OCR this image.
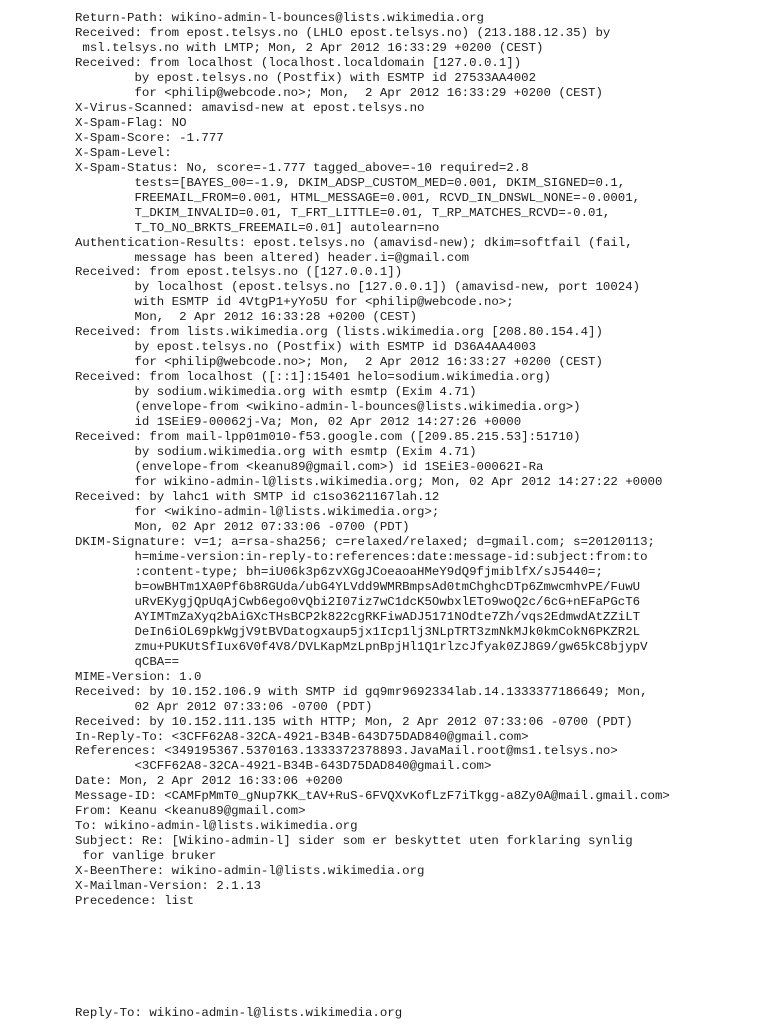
Return-Path: wikino-admin-l-bounces@lists.wikimedia.org
Received: from epost.telsys.no (LHLO epost.telsys.no) (213.188.12.35) by
msl.telsys.no with LMTP; Mon, 2 Apr 2012 16:33:29 +0200 (CEST)
Received: from localhost (localhost.localdomain [127.0.0.1])
by epost.telsys.no (Postfix) with ESMTP id 27533AA4002
for <philip@webcode.no>; Mon,  2 Apr 2012 16:33:29 +0200 (CEST)
X-Virus-Scanned: amavisd-new at epost.telsys.no
X-Spam-Flag: NO
X-Spam-Score: -1.777
X-Spam-Level:
X-Spam-Status: No, score=-1.777 tagged_above=-10 required=2.8
tests=[BAYES_00=-1.9, DKIM_ADSP_CUSTOM_MED=0.001, DKIM_SIGNED=0.1,
FREEMAIL_FROM=0.001, HTML_MESSAGE=0.001, RCVD_IN_DNSWL_NONE=-0.0001,
T_DKIM_INVALID=0.01, T_FRT_LITTLE=0.01, T_RP_MATCHES_RCVD=-0.01,
T_TO_NO_BRKTS_FREEMAIL=0.01] autolearn=no
Authentication-Results: epost.telsys.no (amavisd-new); dkim=softfail (fail,
message has been altered) header.i=@gmail.com
Received: from epost.telsys.no ([127.0.0.1])
by localhost (epost.telsys.no [127.0.0.1]) (amavisd-new, port 10024)
with ESMTP id 4VtgP1+yYo5U for <philip@webcode.no>;
Mon,  2 Apr 2012 16:33:28 +0200 (CEST)
Received: from lists.wikimedia.org (lists.wikimedia.org [208.80.154.4])
by epost.telsys.no (Postfix) with ESMTP id D36A4AA4003
for <philip@webcode.no>; Mon,  2 Apr 2012 16:33:27 +0200 (CEST)
Received: from localhost ([::1]:15401 helo=sodium.wikimedia.org)
by sodium.wikimedia.org with esmtp (Exim 4.71)
(envelope-from <wikino-admin-l-bounces@lists.wikimedia.org>)
id 1SEiE9-00062j-Va; Mon, 02 Apr 2012 14:27:26 +0000
Received: from mail-lpp01m010-f53.google.com ([209.85.215.53]:51710)
by sodium.wikimedia.org with esmtp (Exim 4.71)
(envelope-from <keanu89@gmail.com>) id 1SEiE3-00062I-Ra
for wikino-admin-l@lists.wikimedia.org; Mon, 02 Apr 2012 14:27:22 +0000
Received: by lahc1 with SMTP id c1so3621167lah.12
for <wikino-admin-l@lists.wikimedia.org>;
Mon, 02 Apr 2012 07:33:06 -0700 (PDT)
DKIM-Signature: v=1; a=rsa-sha256; c=relaxed/relaxed; d=gmail.com; s=20120113;
h=mime-version:in-reply-to:references:date:message-id:subject:from:to
:content-type; bh=iU06k3p6zvXGgJCoeaoaHMeY9dQ9fjmiblfX/sJ5440=;
b=owBHTm1XA0Pf6b8RGUda/ubG4YLVdd9WMRBmpsAd0tmChghcDTp6ZmwcmhvPE/FuwU
uRvEKygjQpUqAjCwb6ego0vQbi2I07iz7wC1dcK5OwbxlETo9woQ2c/6cG+nEFaPGcT6
AYIMTmZaXyq2bAiGXcTHsBCP2k822cgRKFiwADJ5171NOdte7Zh/vqs2EdmwdAtZZiLT
DeIn6iOL69pkWgjV9tBVDatogxaup5jx1Icp1lj3NLpTRT3zmNkMJk0kmCokN6PKZR2L
zmu+PUKUtSfIux6V0f4V8/DVLKapMzLpnBpjHl1Q1rlzcJfyak0ZJ8G9/gw65kC8bjypV
qCBA==
MIME-Version: 1.0
Received: by 10.152.106.9 with SMTP id gq9mr9692334lab.14.1333377186649; Mon,
02 Apr 2012 07:33:06 -0700 (PDT)
Received: by 10.152.111.135 with HTTP; Mon, 2 Apr 2012 07:33:06 -0700 (PDT)
In-Reply-To: <3CFF62A8-32CA-4921-B34B-643D75DAD840@gmail.com>
References: <349195367.5370163.1333372378893.JavaMail.root@ms1.telsys.no>
<3CFF62A8-32CA-4921-B34B-643D75DAD840@gmail.com>
Date: Mon, 2 Apr 2012 16:33:06 +0200
Message-ID: <CAMFpMmT0_gNup7KK_tAV+RuS-6FVQXvKofLzF7iTkgg-a8Zy0A@mail.gmail.com>
From: Keanu <keanu89@gmail.com>
To: wikino-admin-l@lists.wikimedia.org
Subject: Re: [Wikino-admin-l] sider som er beskyttet uten forklaring synlig
for vanlige bruker
X-BeenThere: wikino-admin-l@lists.wikimedia.org
X-Mailman-Version: 2.1.13
Precedence: list
Reply-To: wikino-admin-l@lists.wikimedia.org
